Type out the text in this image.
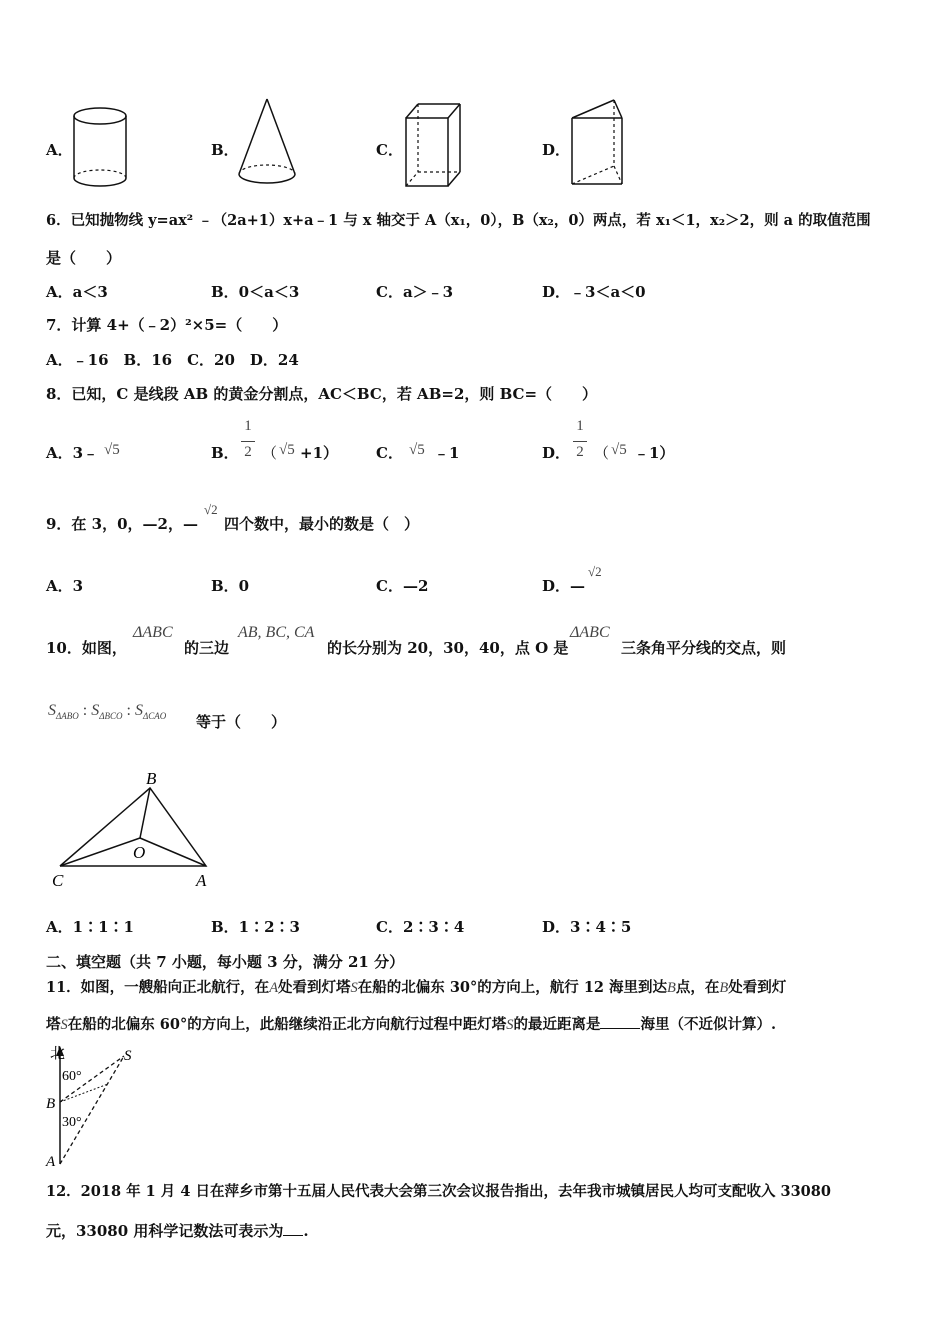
A．	B．	C．	D．
6．已知抛物线 y=ax² ﹣（2a+1）x+a﹣1 与 x 轴交于 A（x₁，0），B（x₂，0）两点，若 x₁＜1，x₂＞2，则 a 的取值范围
是（　　）
A．a＜3	B．0＜a＜3	C．a＞﹣3	D．﹣3＜a＜0
7．计算 4+（﹣2）²×5=（　　）
A．﹣16　B．16　C．20　D．24
8．已知，C 是线段 AB 的黄金分割点，AC＜BC，若 AB=2，则 BC=（　　）
A．3﹣ √5	B．
1
2 （ √5 +1）	C． √5 ﹣1	D．
1
2 （ √5 ﹣1）
9．在 3，0，—2，—
√2
四个数中，最小的数是（　）
A．3	B．0	C．—2	D．—
√2
10．如图，
ΔABC
的三边
AB, BC, CA
的长分别为 20，30，40，点 O 是
ΔABC
三条角平分线的交点，则
$S_{\Delta ABO}$ : $S_{\Delta BCO}$ : $S_{\Delta CAO}$ 等于（　　）
B
O
C	A
A．1∶1∶1	B．1∶2∶3	C．2∶3∶4	D．3∶4∶5
二、填空题（共 7 小题，每小题 3 分，满分 21 分）
11．如图，一艘船向正北航行，在A处看到灯塔S在船的北偏东 30°的方向上，航行 12 海里到达B点，在B处看到灯
塔S在船的北偏东 60°的方向上，此船继续沿正北方向航行过程中距灯塔S的最近距离是	海里（不近似计算）.
北	S
60°
B
30°
A
12．2018 年 1 月 4 日在萍乡市第十五届人民代表大会第三次会议报告指出，去年我市城镇居民人均可支配收入 33080
元，33080 用科学记数法可表示为 .
